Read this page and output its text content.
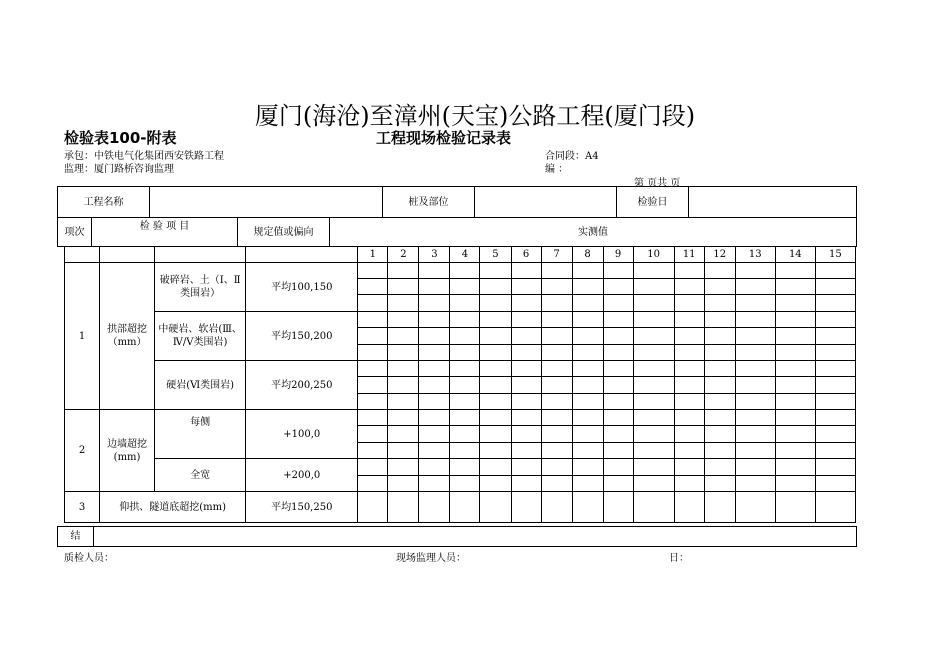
厦门(海沧)至漳州(天宝)公路工程(厦门段)
检验表100-附表	工程现场检验记录表
承包：中铁电气化集团西安铁路工程	合同段：A4
监理：厦门路桥咨询监理	编 ：
第 页共 页
工程名称		桩及部位		检验日	
项次	检 验 项 目	规定值或偏向	实测值
				1	2	3	4	5	6	7	8	9	10	11	12	13	14	15
1	拱部超挖（mm）	破碎岩、土（Ⅰ、Ⅱ类围岩）	平均100,150															

		中硬岩、软岩(Ⅲ、Ⅳ/V类围岩)	平均150,200															

		硬岩(Ⅵ类围岩)	平均200,250															

2	边墙超挖(mm)	每侧	+100,0															

		全宽	+200,0															

3	仰拱、隧道底超挖(mm)		平均150,250															
结	
质检人员：	现场监理人员：	日：
